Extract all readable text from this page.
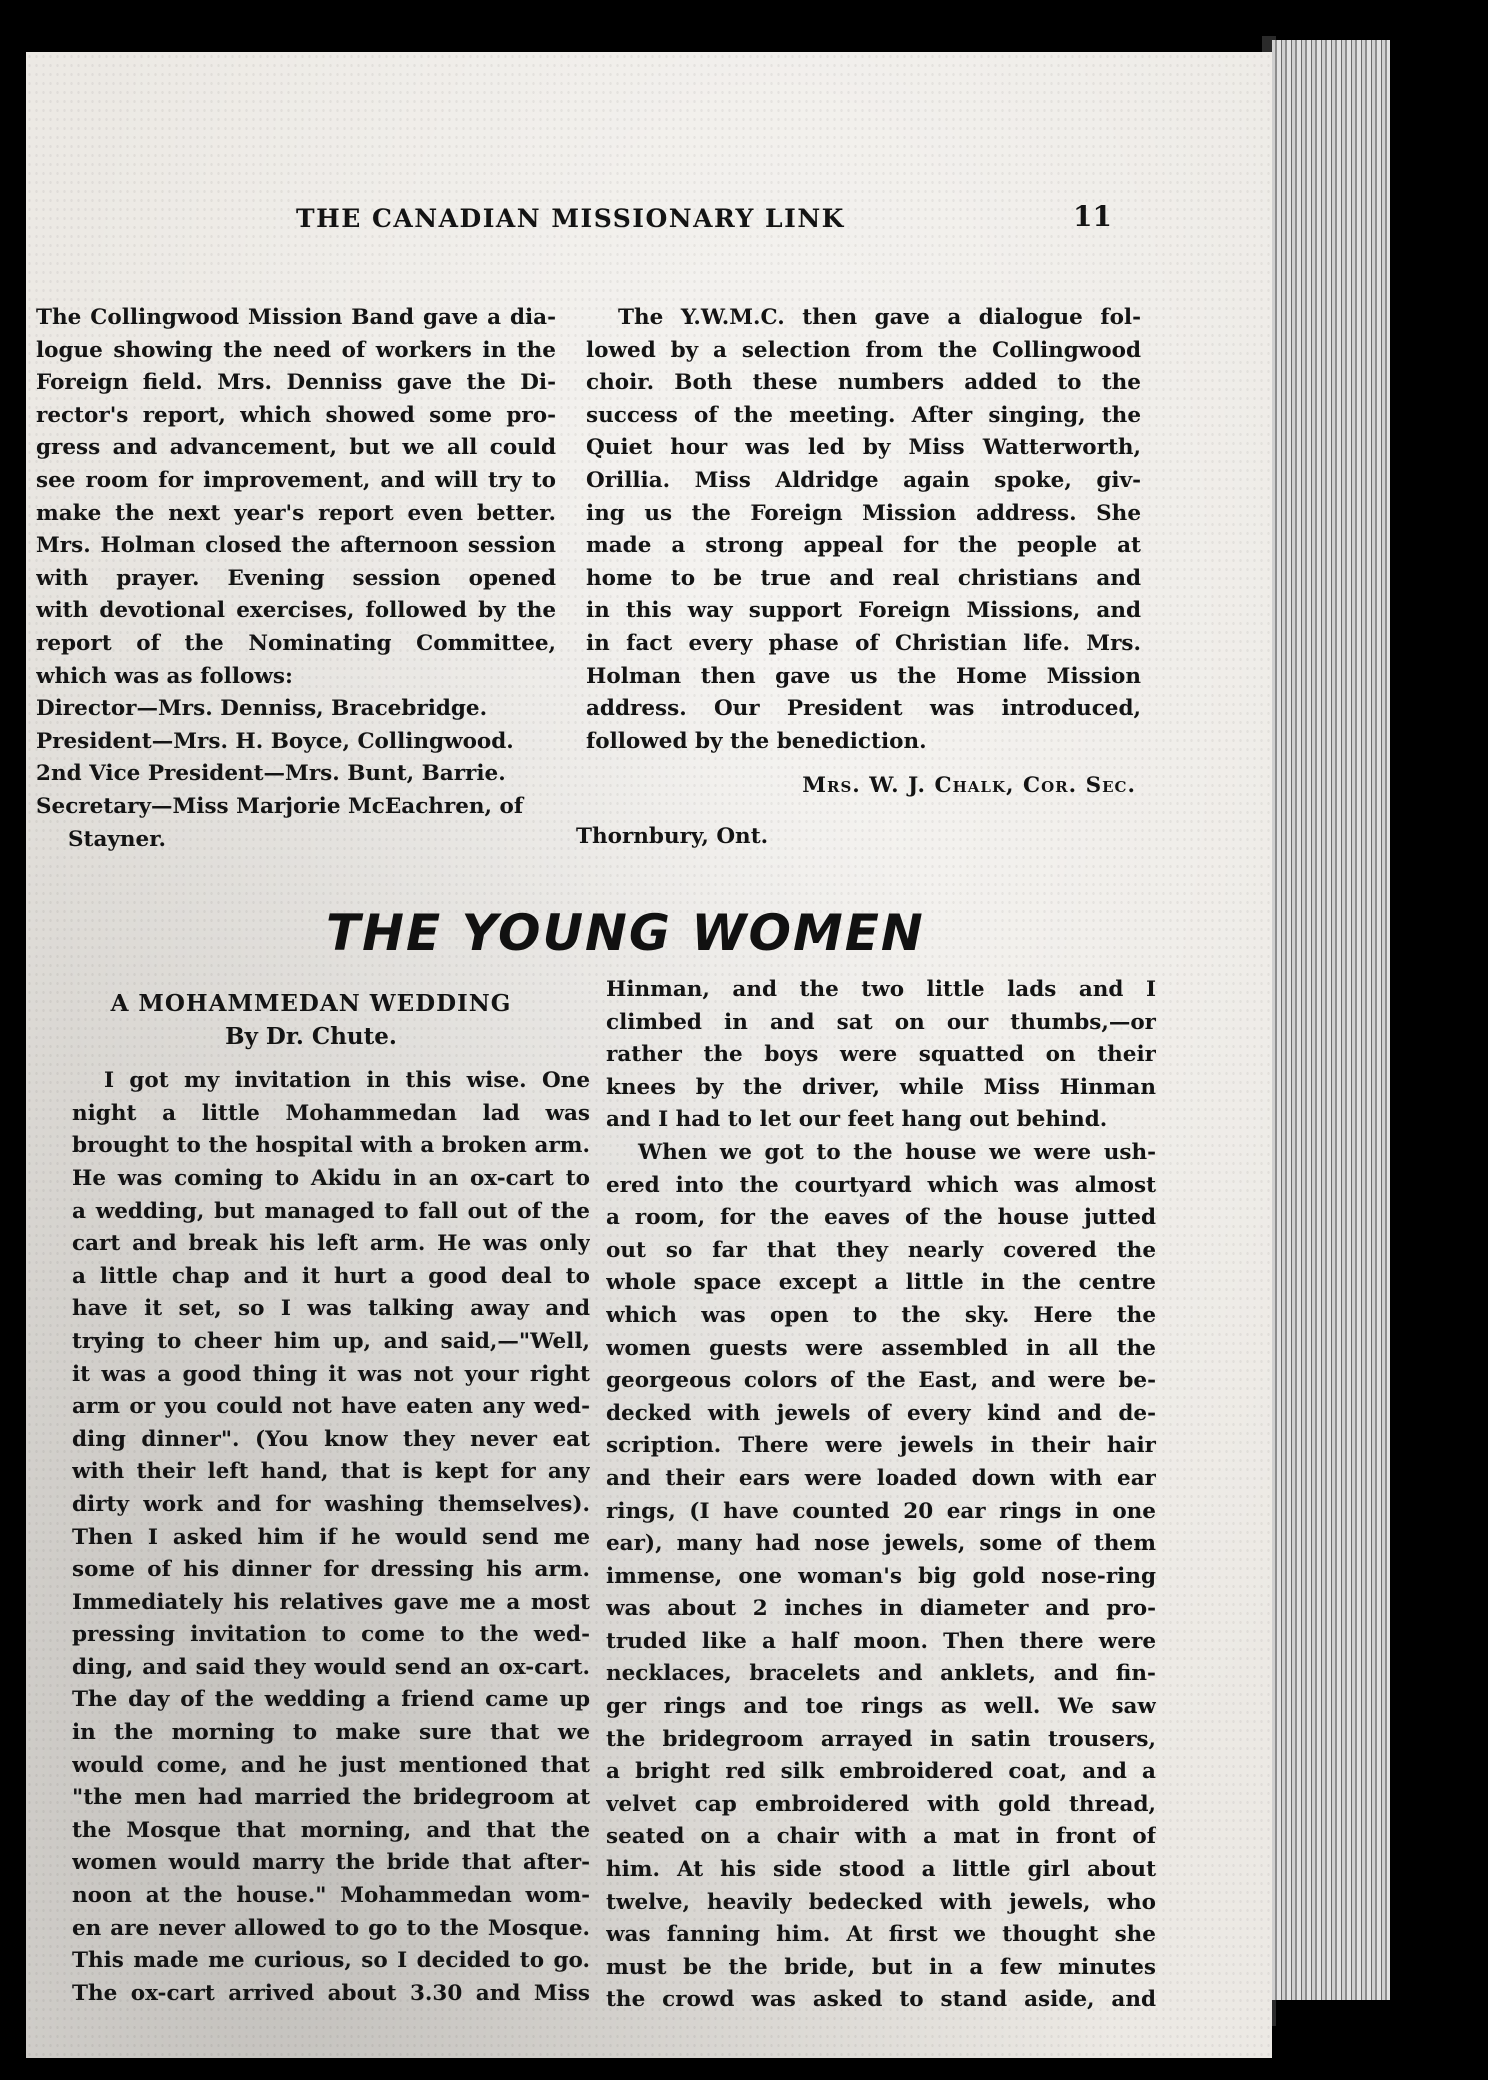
THE CANADIAN MISSIONARY LINK	11

The Collingwood Mission Band gave a dia-
logue showing the need of workers in the
Foreign field. Mrs. Denniss gave the Di-
rector's report, which showed some pro-
gress and advancement, but we all could
see room for improvement, and will try to
make the next year's report even better.
Mrs. Holman closed the afternoon session
with prayer. Evening session opened
with devotional exercises, followed by the
report of the Nominating Committee,
which was as follows:

Director—Mrs. Denniss, Bracebridge.
President—Mrs. H. Boyce, Collingwood.
2nd Vice President—Mrs. Bunt, Barrie.
Secretary—Miss Marjorie McEachren, of
Stayner.

The Y.W.M.C. then gave a dialogue fol-
lowed by a selection from the Collingwood
choir. Both these numbers added to the
success of the meeting. After singing, the
Quiet hour was led by Miss Watterworth,
Orillia. Miss Aldridge again spoke, giv-
ing us the Foreign Mission address. She
made a strong appeal for the people at
home to be true and real christians and
in this way support Foreign Missions, and
in fact every phase of Christian life. Mrs.
Holman then gave us the Home Mission
address. Our President was introduced,
followed by the benediction.

Mrs. W. J. Chalk, Cor. Sec.
Thornbury, Ont.
THE YOUNG WOMEN
A MOHAMMEDAN WEDDING
By Dr. Chute.

I got my invitation in this wise. One
night a little Mohammedan lad was
brought to the hospital with a broken arm.
He was coming to Akidu in an ox-cart to
a wedding, but managed to fall out of the
cart and break his left arm. He was only
a little chap and it hurt a good deal to
have it set, so I was talking away and
trying to cheer him up, and said,—"Well,
it was a good thing it was not your right
arm or you could not have eaten any wed-
ding dinner". (You know they never eat
with their left hand, that is kept for any
dirty work and for washing themselves).
Then I asked him if he would send me
some of his dinner for dressing his arm.
Immediately his relatives gave me a most
pressing invitation to come to the wed-
ding, and said they would send an ox-cart.
The day of the wedding a friend came up
in the morning to make sure that we
would come, and he just mentioned that
"the men had married the bridegroom at
the Mosque that morning, and that the
women would marry the bride that after-
noon at the house." Mohammedan wom-
en are never allowed to go to the Mosque.
This made me curious, so I decided to go.
The ox-cart arrived about 3.30 and Miss

Hinman, and the two little lads and I
climbed in and sat on our thumbs,—or
rather the boys were squatted on their
knees by the driver, while Miss Hinman
and I had to let our feet hang out behind.

When we got to the house we were ush-
ered into the courtyard which was almost
a room, for the eaves of the house jutted
out so far that they nearly covered the
whole space except a little in the centre
which was open to the sky. Here the
women guests were assembled in all the
georgeous colors of the East, and were be-
decked with jewels of every kind and de-
scription. There were jewels in their hair
and their ears were loaded down with ear
rings, (I have counted 20 ear rings in one
ear), many had nose jewels, some of them
immense, one woman's big gold nose-ring
was about 2 inches in diameter and pro-
truded like a half moon. Then there were
necklaces, bracelets and anklets, and fin-
ger rings and toe rings as well. We saw
the bridegroom arrayed in satin trousers,
a bright red silk embroidered coat, and a
velvet cap embroidered with gold thread,
seated on a chair with a mat in front of
him. At his side stood a little girl about
twelve, heavily bedecked with jewels, who
was fanning him. At first we thought she
must be the bride, but in a few minutes
the crowd was asked to stand aside, and
